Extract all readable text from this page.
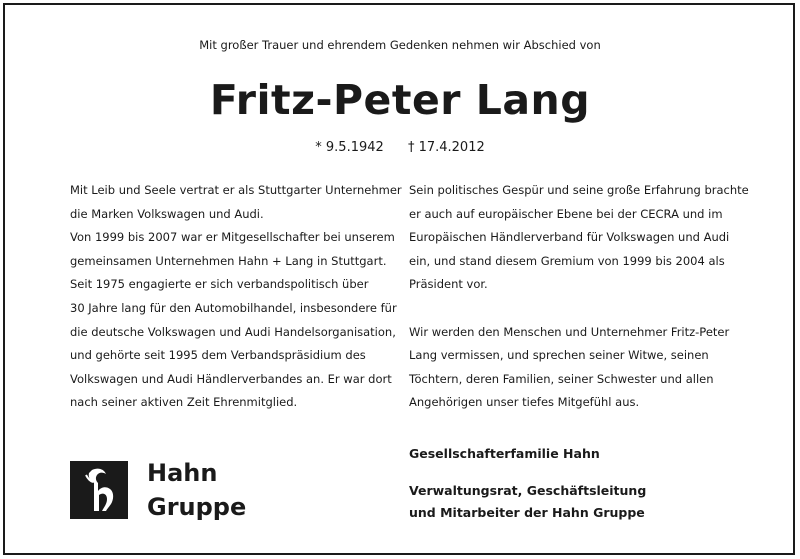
Mit großer Trauer und ehrendem Gedenken nehmen wir Abschied von
Fritz-Peter Lang
* 9.5.1942 † 17.4.2012
Mit Leib und Seele vertrat er als Stuttgarter Unternehmer
die Marken Volkswagen und Audi.
Von 1999 bis 2007 war er Mitgesellschafter bei unserem
gemeinsamen Unternehmen Hahn + Lang in Stuttgart.
Seit 1975 engagierte er sich verbandspolitisch über
30 Jahre lang für den Automobilhandel, insbesondere für
die deutsche Volkswagen und Audi Handelsorganisation,
und gehörte seit 1995 dem Verbandspräsidium des
Volkswagen und Audi Händlerverbandes an. Er war dort
nach seiner aktiven Zeit Ehrenmitglied.
Sein politisches Gespür und seine große Erfahrung brachte
er auch auf europäischer Ebene bei der CECRA und im
Europäischen Händlerverband für Volkswagen und Audi
ein, und stand diesem Gremium von 1999 bis 2004 als
Präsident vor.
Wir werden den Menschen und Unternehmer Fritz-Peter
Lang vermissen, und sprechen seiner Witwe, seinen
Töchtern, deren Familien, seiner Schwester und allen
Angehörigen unser tiefes Mitgefühl aus.
Gesellschafterfamilie Hahn
Verwaltungsrat, Geschäftsleitung
und Mitarbeiter der Hahn Gruppe
Hahn
Gruppe
